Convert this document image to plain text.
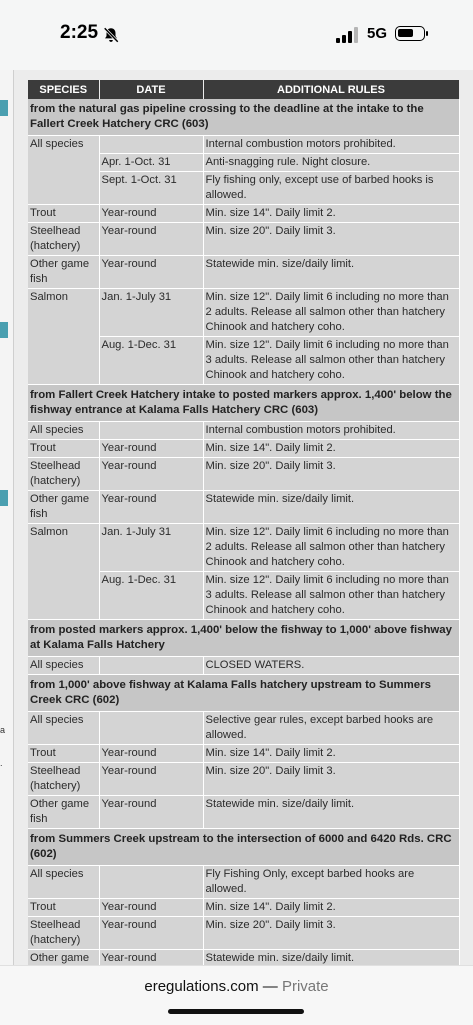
2:25	5G
a
.
SPECIES	DATE	ADDITIONAL RULES
from the natural gas pipeline crossing to the deadline at the intake to the Fallert Creek Hatchery CRC (603)		
All species		Internal combustion motors prohibited.
	Apr. 1-Oct. 31	Anti-snagging rule. Night closure.
	Sept. 1-Oct. 31	Fly fishing only, except use of barbed hooks is allowed.
Trout	Year-round	Min. size 14". Daily limit 2.
Steelhead (hatchery)	Year-round	Min. size 20". Daily limit 3.
Other game fish	Year-round	Statewide min. size/daily limit.
Salmon	Jan. 1-July 31	Min. size 12". Daily limit 6 including no more than 2 adults. Release all salmon other than hatchery Chinook and hatchery coho.
	Aug. 1-Dec. 31	Min. size 12". Daily limit 6 including no more than 3 adults. Release all salmon other than hatchery Chinook and hatchery coho.
from Fallert Creek Hatchery intake to posted markers approx. 1,400' below the fishway entrance at Kalama Falls Hatchery CRC (603)		
All species		Internal combustion motors prohibited.
Trout	Year-round	Min. size 14". Daily limit 2.
Steelhead (hatchery)	Year-round	Min. size 20". Daily limit 3.
Other game fish	Year-round	Statewide min. size/daily limit.
Salmon	Jan. 1-July 31	Min. size 12". Daily limit 6 including no more than 2 adults. Release all salmon other than hatchery Chinook and hatchery coho.
	Aug. 1-Dec. 31	Min. size 12". Daily limit 6 including no more than 3 adults. Release all salmon other than hatchery Chinook and hatchery coho.
from posted markers approx. 1,400' below the fishway to 1,000' above fishway at Kalama Falls Hatchery		
All species		CLOSED WATERS.
from 1,000' above fishway at Kalama Falls hatchery upstream to Summers Creek CRC (602)		
All species		Selective gear rules, except barbed hooks are allowed.
Trout	Year-round	Min. size 14". Daily limit 2.
Steelhead (hatchery)	Year-round	Min. size 20". Daily limit 3.
Other game fish	Year-round	Statewide min. size/daily limit.
from Summers Creek upstream to the intersection of 6000 and 6420 Rds. CRC (602)		
All species		Fly Fishing Only, except barbed hooks are allowed.
Trout	Year-round	Min. size 14". Daily limit 2.
Steelhead (hatchery)	Year-round	Min. size 20". Daily limit 3.
Other game	Year-round	Statewide min. size/daily limit.

eregulations.com — Private
